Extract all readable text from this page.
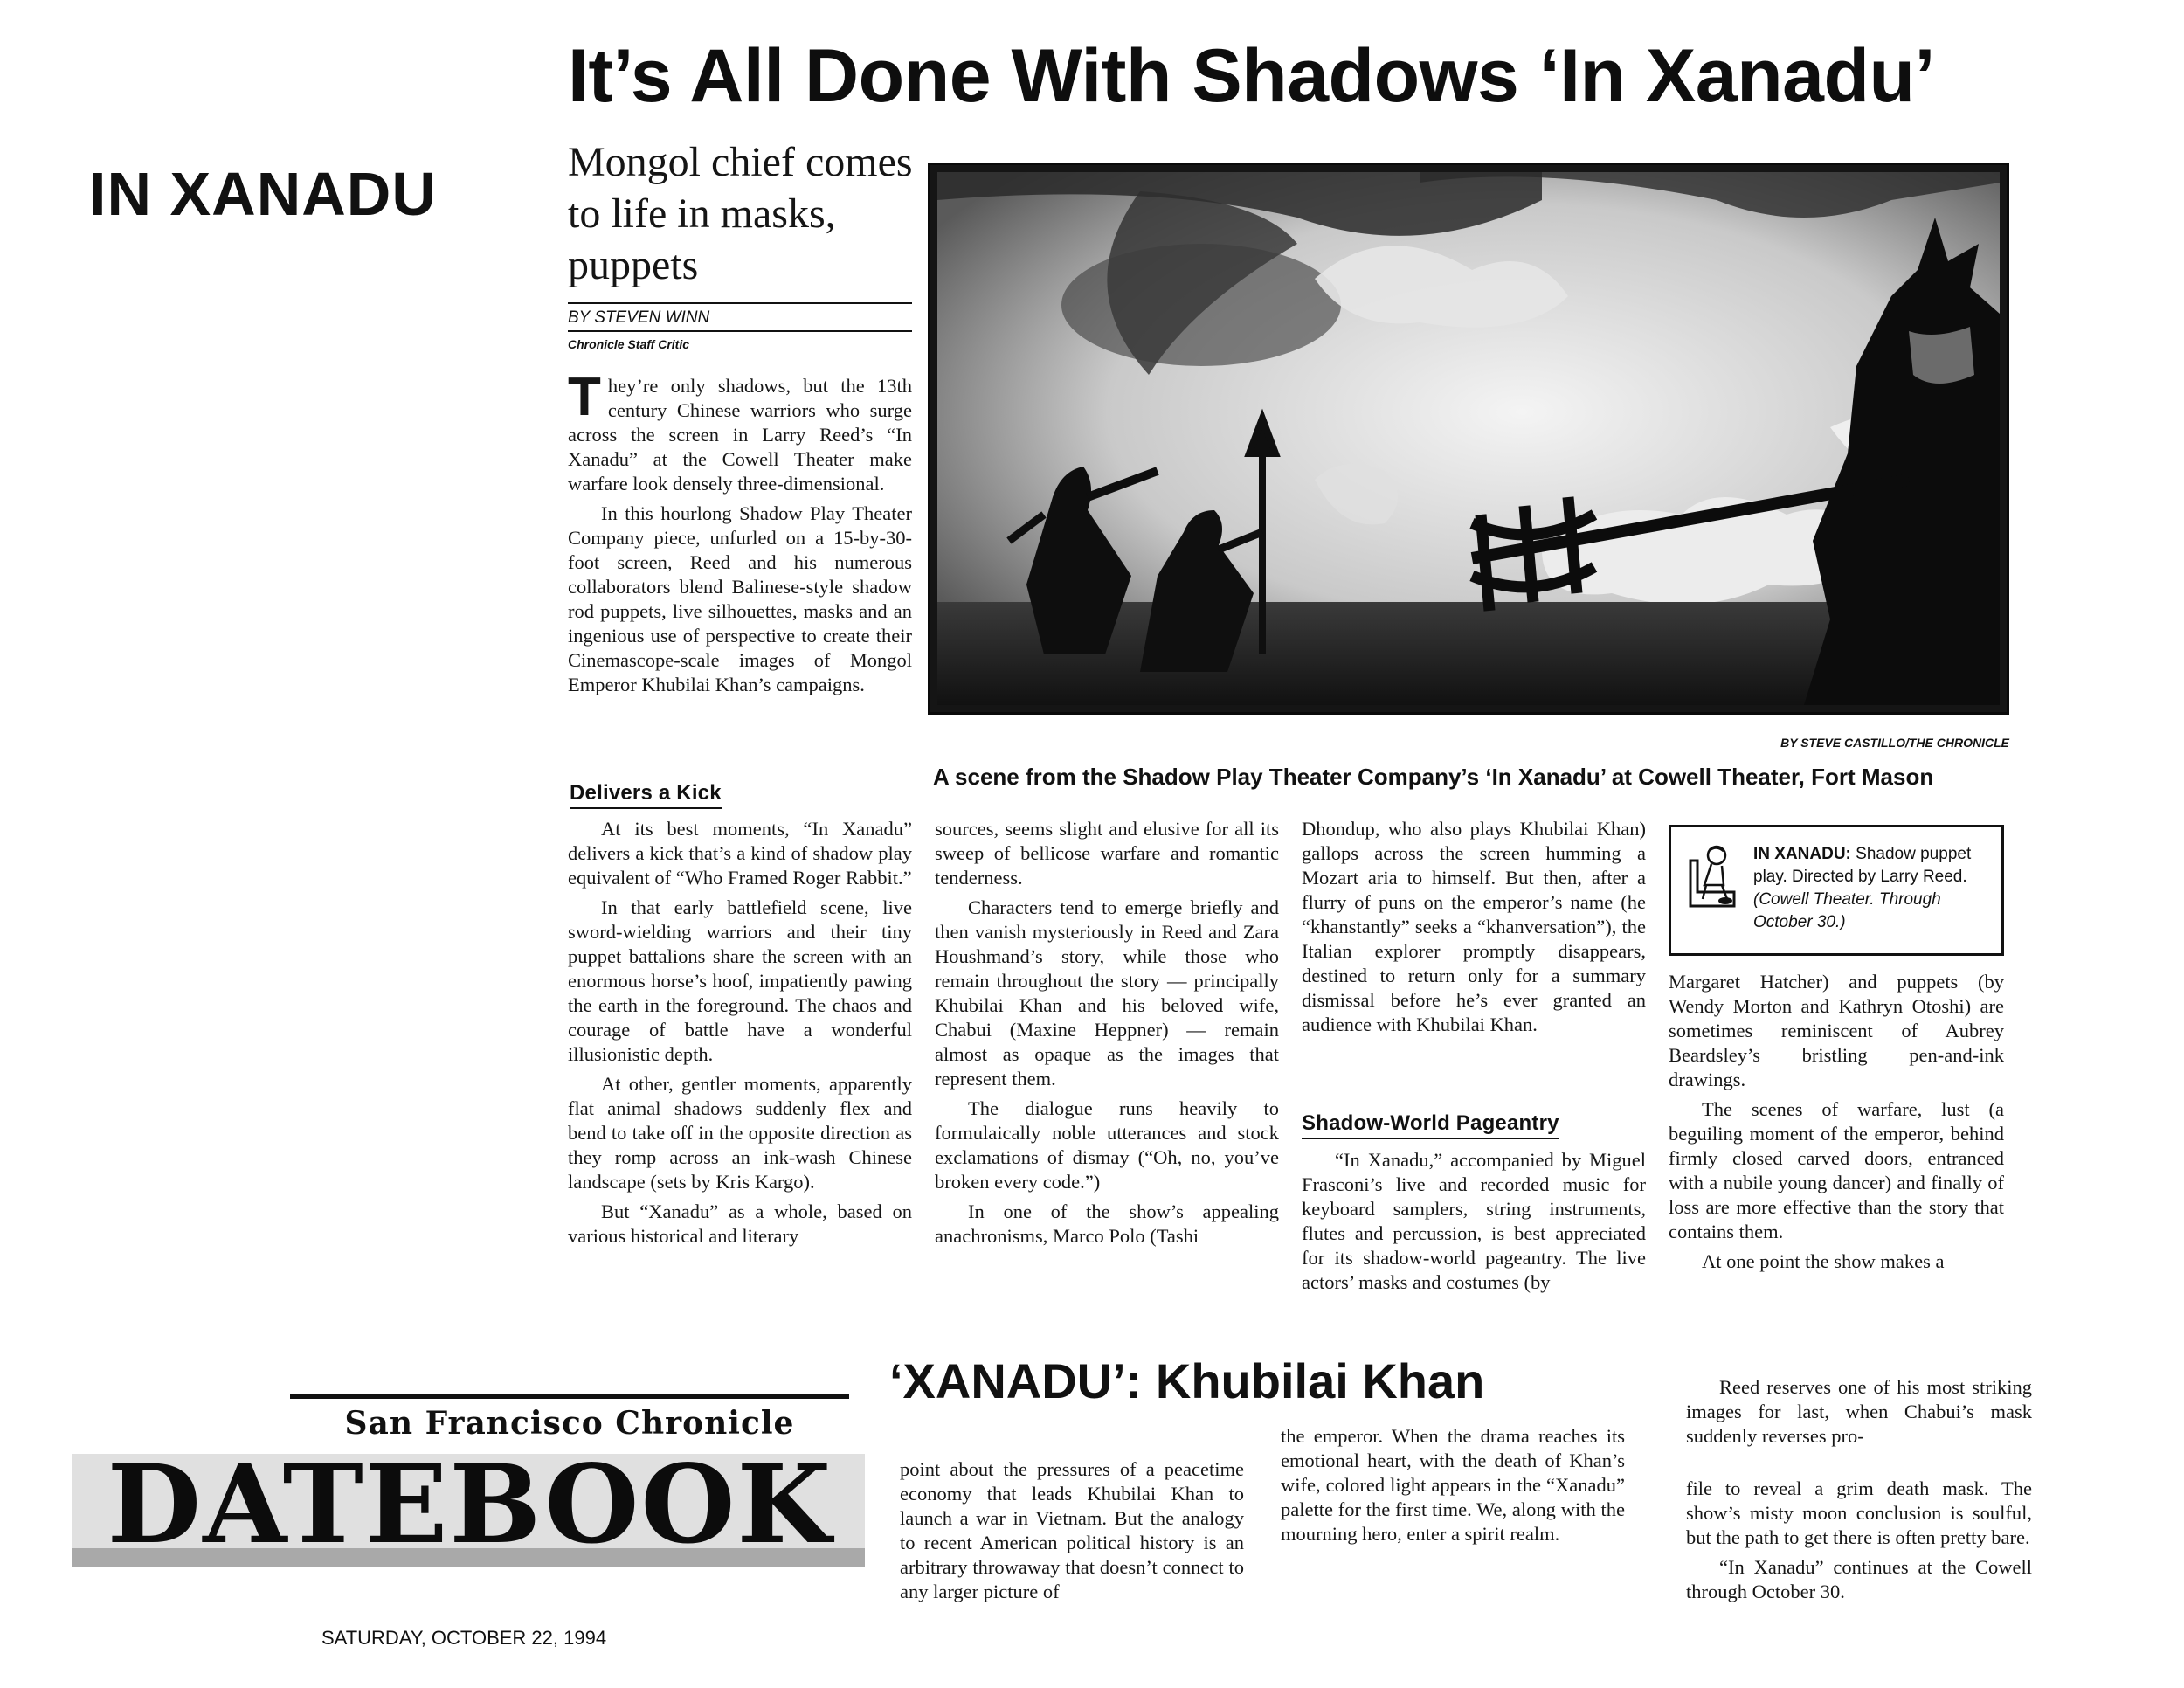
IN XANADU
It’s All Done With Shadows ‘In Xanadu’
Mongol chief comes to life in masks, puppets
BY STEVEN WINN
Chronicle Staff Critic
BY STEVE CASTILLO/THE CHRONICLE
A scene from the Shadow Play Theater Company’s ‘In Xanadu’ at Cowell Theater, Fort Mason
T hey’re only shadows, but the 13th century Chinese warriors who surge across the screen in Larry Reed’s “In Xanadu” at the Cowell Theater make warfare look densely three-dimensional.

In this hourlong Shadow Play Theater Company piece, unfurled on a 15-by-30-foot screen, Reed and his numerous collaborators blend Balinese-style shadow rod puppets, live silhouettes, masks and an ingenious use of perspective to create their Cinemascope-scale images of Mongol Emperor Khubilai Khan’s campaigns.

Delivers a Kick

At its best moments, “In Xanadu” delivers a kick that’s a kind of shadow play equivalent of “Who Framed Roger Rabbit.”

In that early battlefield scene, live sword-wielding warriors and their tiny puppet battalions share the screen with an enormous horse’s hoof, impatiently pawing the earth in the foreground. The chaos and courage of battle have a wonderful illusionistic depth.

At other, gentler moments, apparently flat animal shadows suddenly flex and bend to take off in the opposite direction as they romp across an ink-wash Chinese landscape (sets by Kris Kargo).

But “Xanadu” as a whole, based on various historical and literary

sources, seems slight and elusive for all its sweep of bellicose warfare and romantic tenderness.

Characters tend to emerge briefly and then vanish mysteriously in Reed and Zara Houshmand’s story, while those who remain throughout the story — principally Khubilai Khan and his beloved wife, Chabui (Maxine Heppner) — remain almost as opaque as the images that represent them.

The dialogue runs heavily to formulaically noble utterances and stock exclamations of dismay (“Oh, no, you’ve broken every code.”)

In one of the show’s appealing anachronisms, Marco Polo (Tashi

Dhondup, who also plays Khubilai Khan) gallops across the screen humming a Mozart aria to himself. But then, after a flurry of puns on the emperor’s name (he “khanstantly” seeks a “khanversation”), the Italian explorer promptly disappears, destined to return only for a summary dismissal before he’s ever granted an audience with Khubilai Khan.

Shadow-World Pageantry

“In Xanadu,” accompanied by Miguel Frasconi’s live and recorded music for keyboard samplers, string instruments, flutes and percussion, is best appreciated for its shadow-world pageantry. The live actors’ masks and costumes (by

IN XANADU: Shadow puppet play. Directed by Larry Reed. (Cowell Theater. Through October 30.)

Margaret Hatcher) and puppets (by Wendy Morton and Kathryn Otoshi) are sometimes reminiscent of Aubrey Beardsley’s bristling pen-and-ink drawings.

The scenes of warfare, lust (a beguiling moment of the emperor, behind firmly closed carved doors, entranced with a nubile young dancer) and finally of loss are more effective than the story that contains them.

At one point the show makes a

San Francisco Chronicle
DATEBOOK
SATURDAY, OCTOBER 22, 1994
‘XANADU’: Khubilai Khan

point about the pressures of a peacetime economy that leads Khubilai Khan to launch a war in Vietnam. But the analogy to recent American political history is an arbitrary throwaway that doesn’t connect to any larger picture of

the emperor. When the drama reaches its emotional heart, with the death of Khan’s wife, colored light appears in the “Xanadu” palette for the first time. We, along with the mourning hero, enter a spirit realm.

Reed reserves one of his most striking images for last, when Chabui’s mask suddenly reverses pro-

file to reveal a grim death mask. The show’s misty moon conclusion is soulful, but the path to get there is often pretty bare.

“In Xanadu” continues at the Cowell through October 30.
